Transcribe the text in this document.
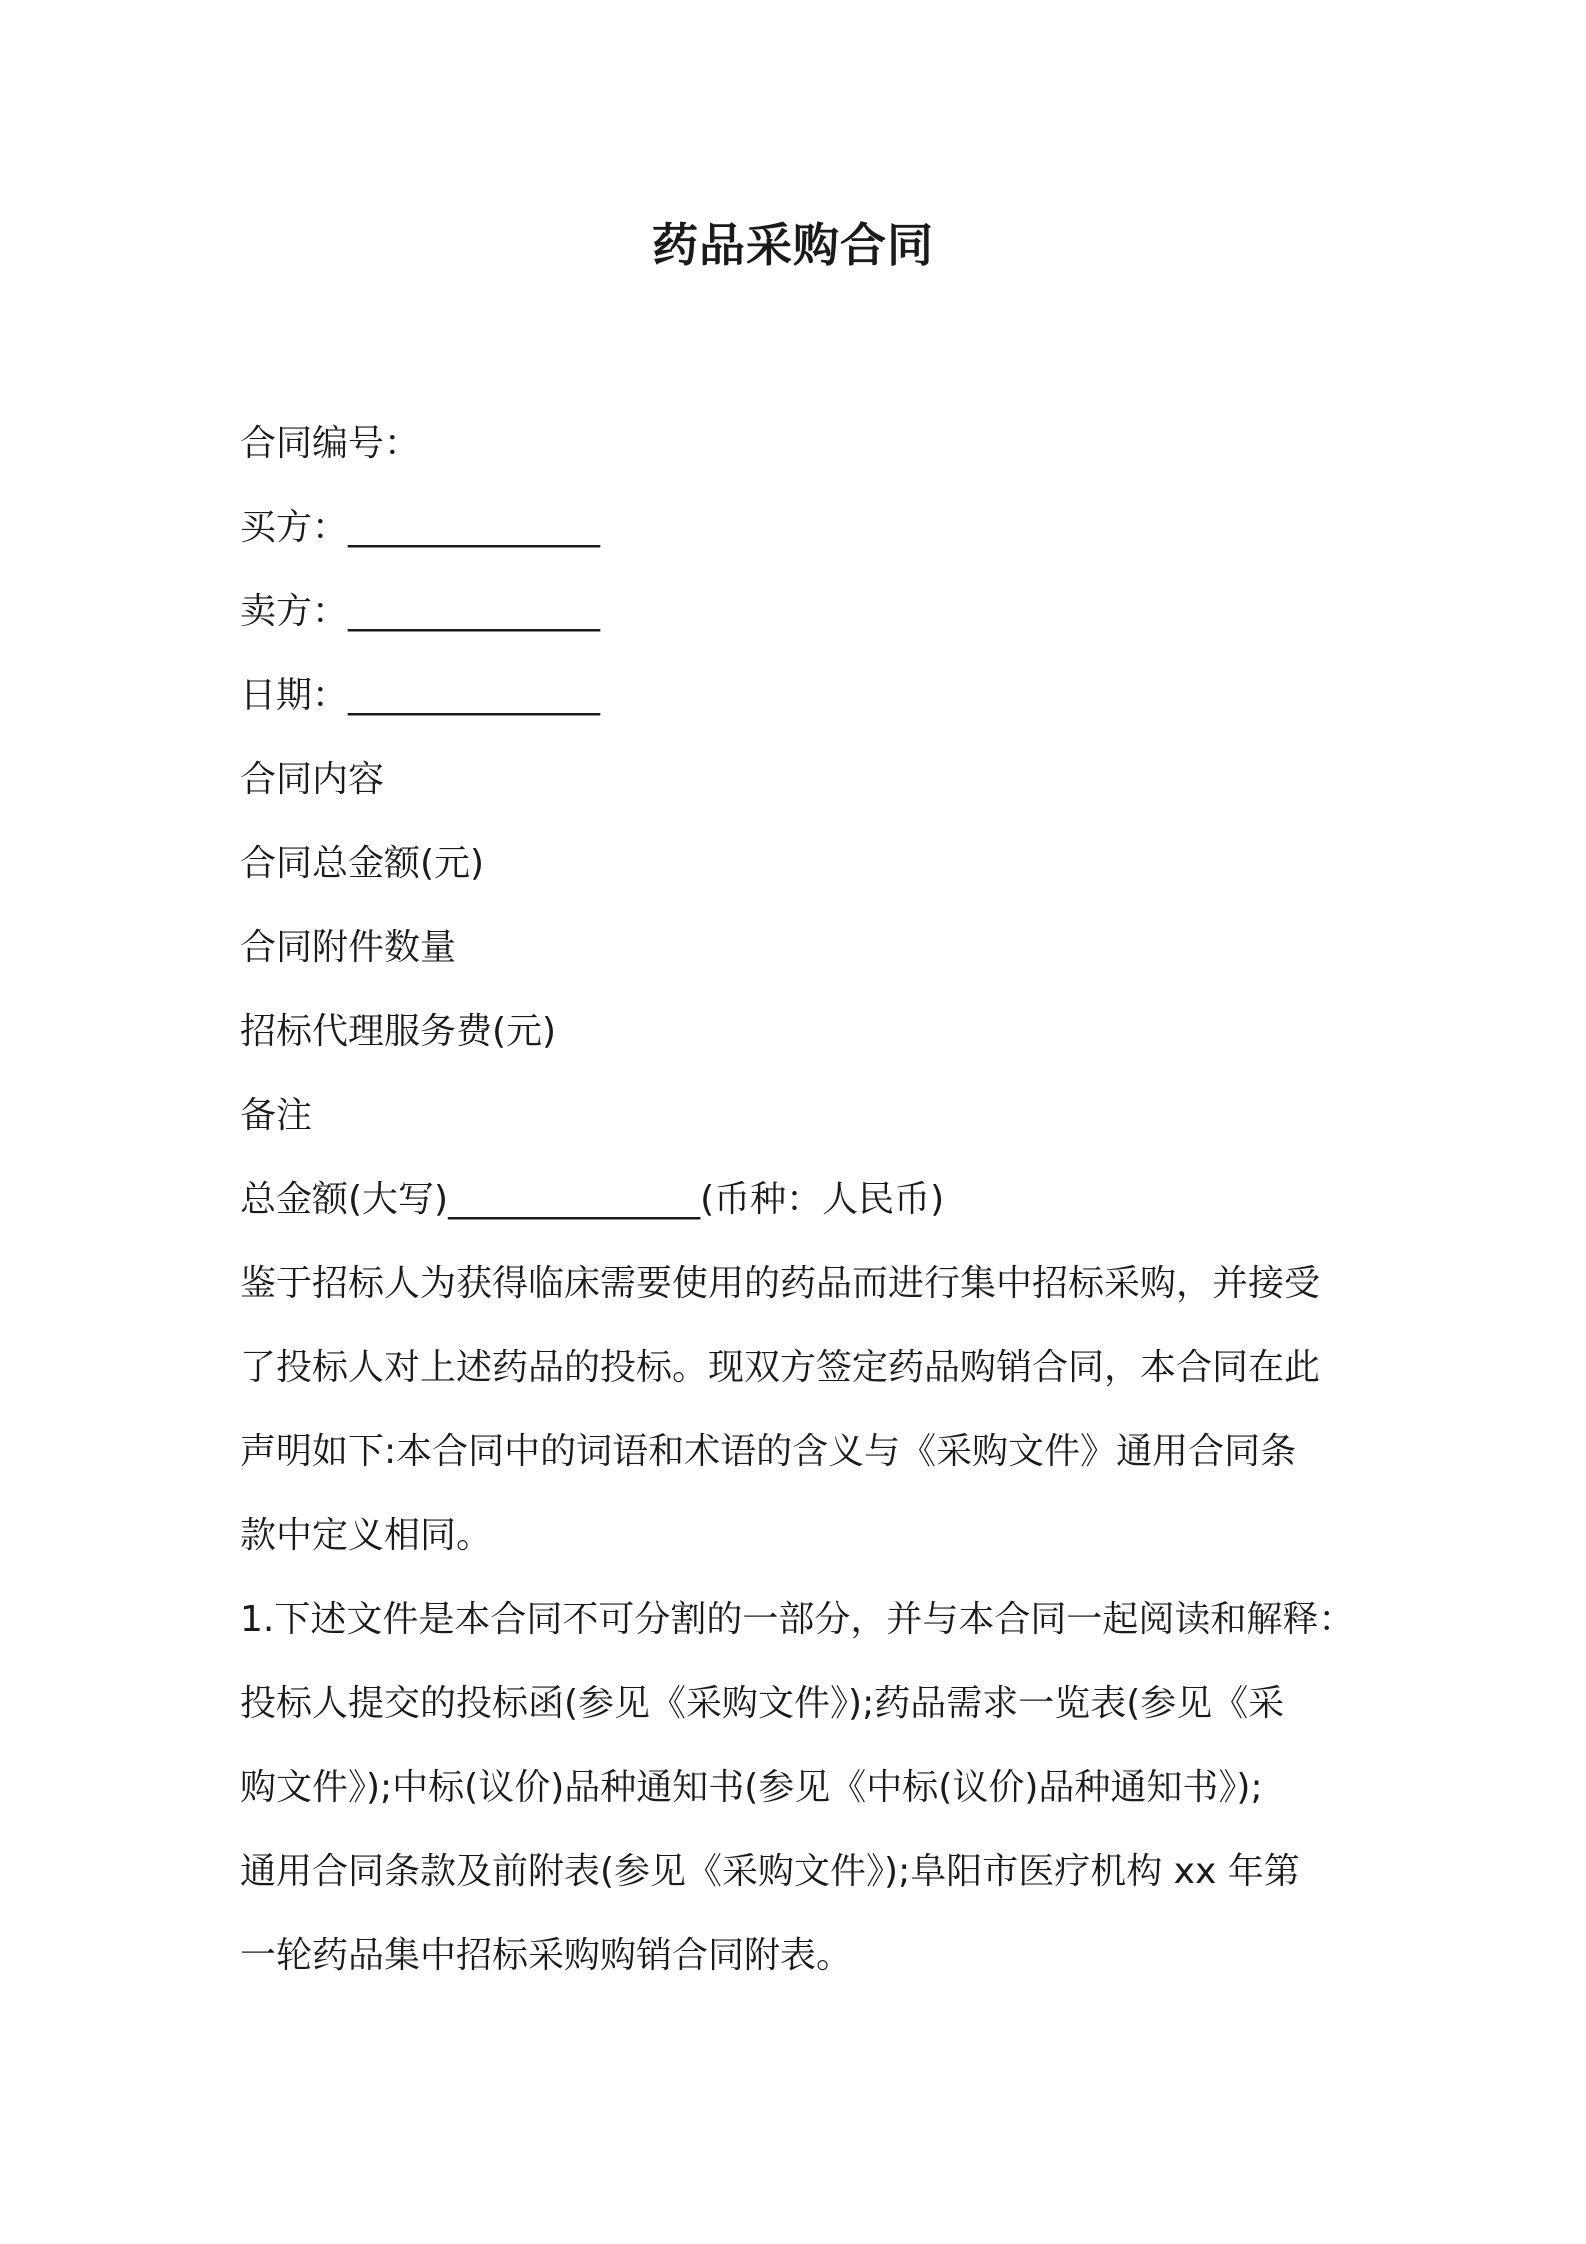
药品采购合同

合同编号：

买方：______________

卖方：______________

日期：______________

合同内容

合同总金额(元)

合同附件数量

招标代理服务费(元)

备注

总金额(大写)______________(币种：人民币)

鉴于招标人为获得临床需要使用的药品而进行集中招标采购，并接受
了投标人对上述药品的投标。现双方签定药品购销合同，本合同在此
声明如下:本合同中的词语和术语的含义与《采购文件》通用合同条
款中定义相同。

1.下述文件是本合同不可分割的一部分，并与本合同一起阅读和解释：
投标人提交的投标函(参见《采购文件》);药品需求一览表(参见《采
购文件》);中标(议价)品种通知书(参见《中标(议价)品种通知书》);
通用合同条款及前附表(参见《采购文件》);阜阳市医疗机构 xx 年第
一轮药品集中招标采购购销合同附表。
